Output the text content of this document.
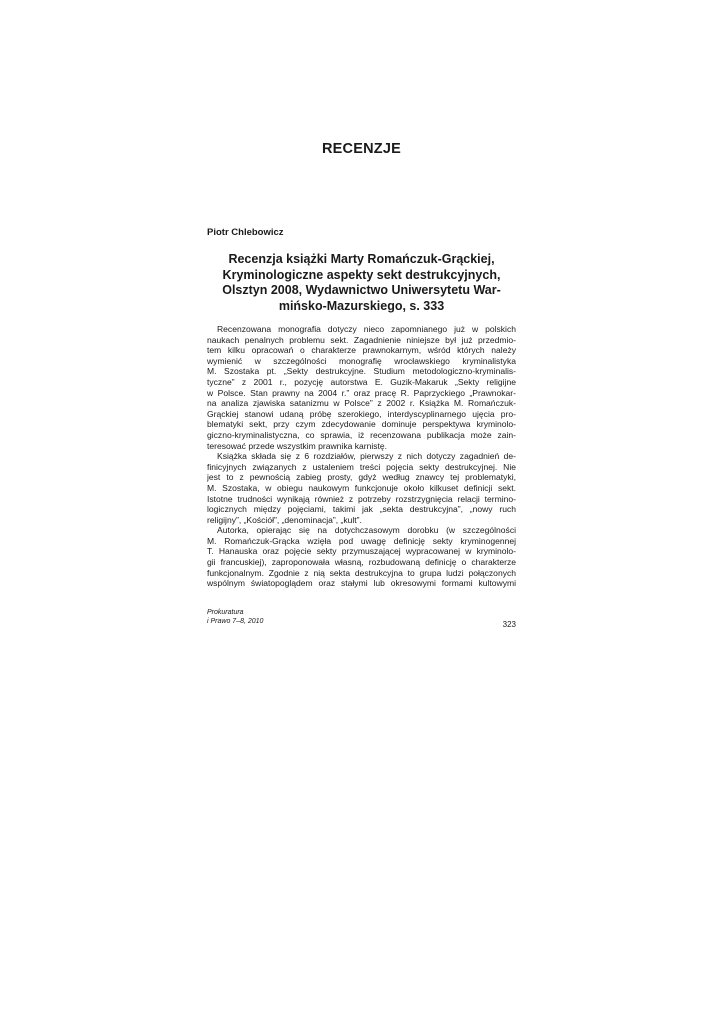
RECENZJE
Piotr Chlebowicz
Recenzja książki Marty Romańczuk-Grąckiej,
Kryminologiczne aspekty sekt destrukcyjnych,
Olsztyn 2008, Wydawnictwo Uniwersytetu War-
mińsko-Mazurskiego, s. 333
Recenzowana monografia dotyczy nieco zapomnianego już w polskich
naukach penalnych problemu sekt. Zagadnienie niniejsze był już przedmio-
tem kilku opracowań o charakterze prawnokarnym, wśród których należy
wymienić w szczególności monografię wrocławskiego kryminalistyka
M. Szostaka pt. „Sekty destrukcyjne. Studium metodologiczno-kryminalis-
tyczne” z 2001 r., pozycję autorstwa E. Guzik-Makaruk „Sekty religijne
w Polsce. Stan prawny na 2004 r.” oraz pracę R. Paprzyckiego „Prawnokar-
na analiza zjawiska satanizmu w Polsce” z 2002 r. Książka M. Romańczuk-
Grąckiej stanowi udaną próbę szerokiego, interdyscyplinarnego ujęcia pro-
blematyki sekt, przy czym zdecydowanie dominuje perspektywa kryminolo-
giczno-kryminalistyczna, co sprawia, iż recenzowana publikacja może zain-
teresować przede wszystkim prawnika karnistę.
Książka składa się z 6 rozdziałów, pierwszy z nich dotyczy zagadnień de-
finicyjnych związanych z ustaleniem treści pojęcia sekty destrukcyjnej. Nie
jest to z pewnością zabieg prosty, gdyż według znawcy tej problematyki,
M. Szostaka, w obiegu naukowym funkcjonuje około kilkuset definicji sekt.
Istotne trudności wynikają również z potrzeby rozstrzygnięcia relacji termino-
logicznych między pojęciami, takimi jak „sekta destrukcyjna”, „nowy ruch
religijny”, „Kościół”, „denominacja”, „kult”.
Autorka, opierając się na dotychczasowym dorobku (w szczególności
M. Romańczuk-Grącka wzięła pod uwagę definicję sekty kryminogennej
T. Hanauska oraz pojęcie sekty przymuszającej wypracowanej w kryminolo-
gii francuskiej), zaproponowała własną, rozbudowaną definicję o charakterze
funkcjonalnym. Zgodnie z nią sekta destrukcyjna to grupa ludzi połączonych
wspólnym światopoglądem oraz stałymi lub okresowymi formami kultowymi
Prokuratura
i Prawo 7–8, 2010	323
